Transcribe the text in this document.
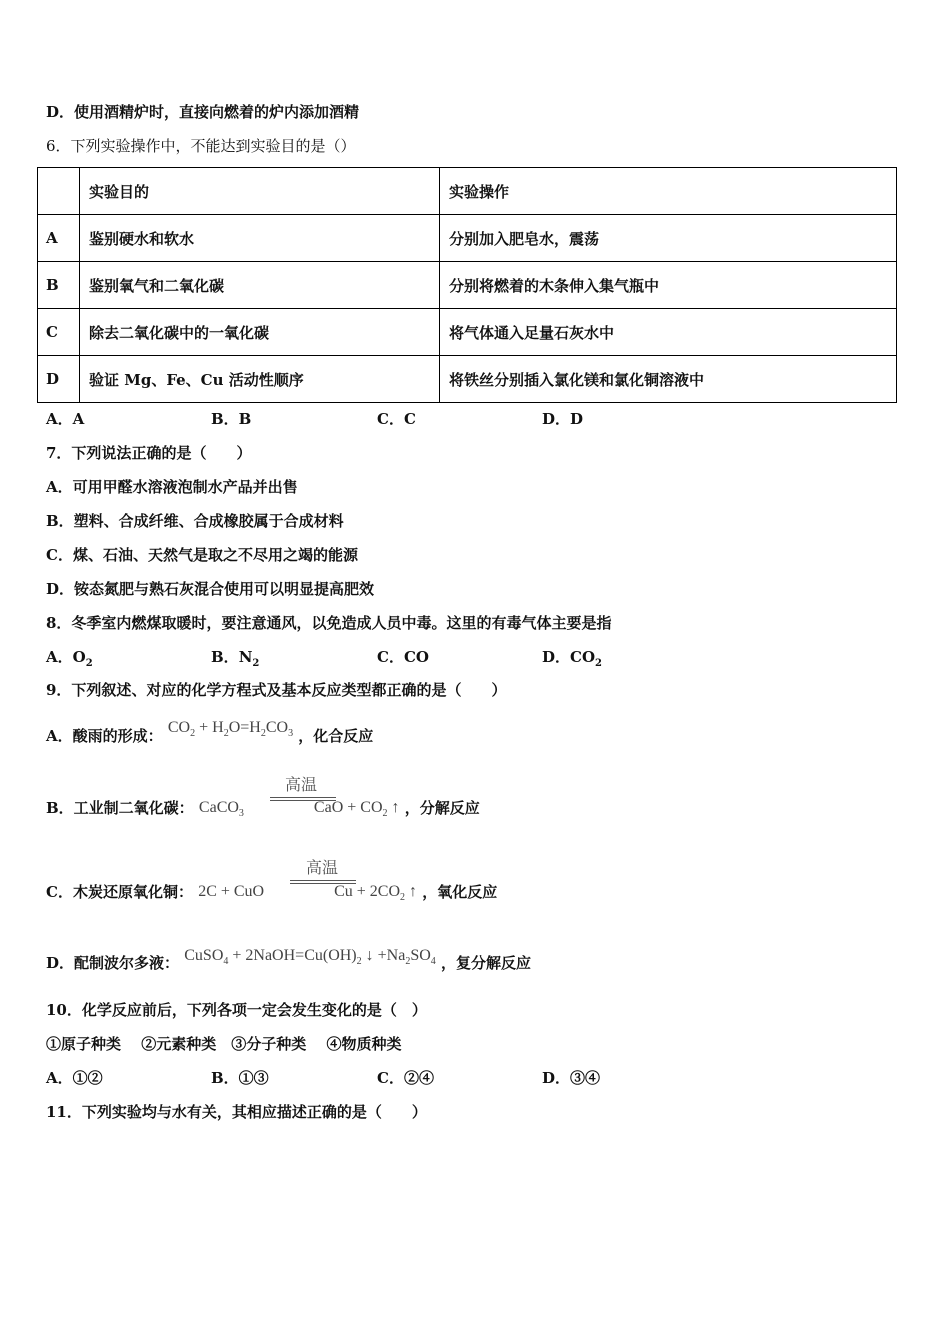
D．使用酒精炉时，直接向燃着的炉内添加酒精
6．下列实验操作中，不能达到实验目的是（）
	实验目的	实验操作
A	鉴别硬水和软水	分别加入肥皂水，震荡
B	鉴别氧气和二氧化碳	分别将燃着的木条伸入集气瓶中
C	除去二氧化碳中的一氧化碳	将气体通入足量石灰水中
D	验证 Mg、Fe、Cu 活动性顺序	将铁丝分别插入氯化镁和氯化铜溶液中
A．A	B．B	C．C	D．D
7．下列说法正确的是（　　）
A．可用甲醛水溶液泡制水产品并出售
B．塑料、合成纤维、合成橡胶属于合成材料
C．煤、石油、天然气是取之不尽用之竭的能源
D．铵态氮肥与熟石灰混合使用可以明显提高肥效
8．冬季室内燃煤取暖时，要注意通风，以免造成人员中毒。这里的有毒气体主要是指
A．$O_2$	B．$N_2$	C．CO	D．$CO_2$
9．下列叙述、对应的化学方程式及基本反应类型都正确的是（　　）
A．酸雨的形成： $CO_2 + H_2O=H_2CO_3$ ，化合反应
B．工业制二氧化碳： CaCO$_3$	CaO + $CO_2$ ↑ ，分解反应
高温
C．木炭还原氧化铜： 2C + CuO	$Cu + 2CO_2$ ↑ ，氧化反应
高温
D．配制波尔多液： CuSO$_4$ + $2NaOH=Cu(OH)_2$ ↓ $+Na_2SO_4$ ，复分解反应
10．化学反应前后，下列各项一定会发生变化的是（　）
①原子种类　 ②元素种类　③分子种类　 ④物质种类
A．①②	B．①③	C．②④	D．③④
11．下列实验均与水有关，其相应描述正确的是（　　）
